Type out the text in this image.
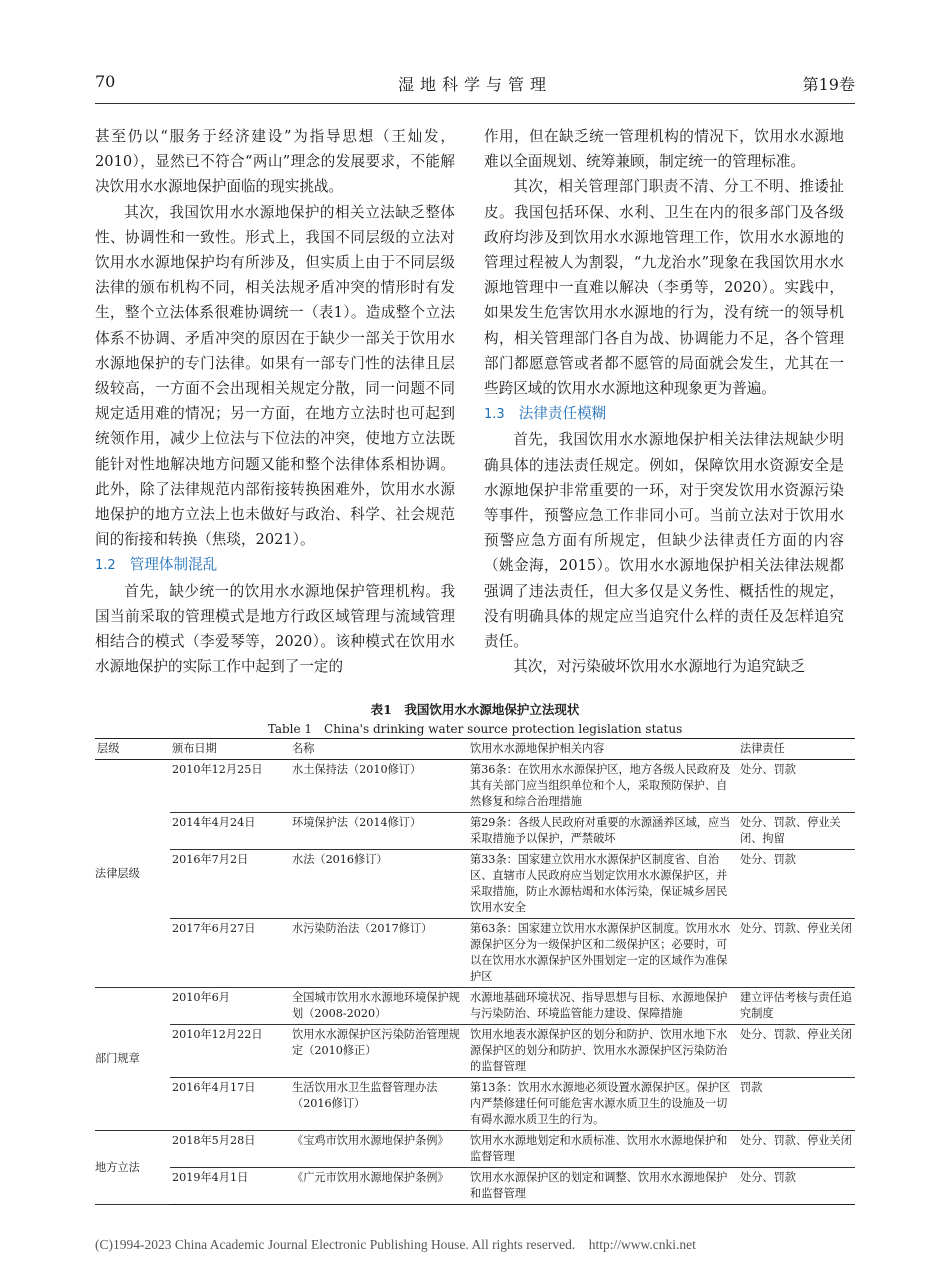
70	湿地科学与管理	第19卷

甚至仍以“服务于经济建设”为指导思想（王灿发，2010），显然已不符合“两山”理念的发展要求，不能解决饮用水水源地保护面临的现实挑战。

其次，我国饮用水水源地保护的相关立法缺乏整体性、协调性和一致性。形式上，我国不同层级的立法对饮用水水源地保护均有所涉及，但实质上由于不同层级法律的颁布机构不同，相关法规矛盾冲突的情形时有发生，整个立法体系很难协调统一（表1）。造成整个立法体系不协调、矛盾冲突的原因在于缺少一部关于饮用水水源地保护的专门法律。如果有一部专门性的法律且层级较高，一方面不会出现相关规定分散，同一问题不同规定适用难的情况；另一方面，在地方立法时也可起到统领作用，减少上位法与下位法的冲突，使地方立法既能针对性地解决地方问题又能和整个法律体系相协调。此外，除了法律规范内部衔接转换困难外，饮用水水源地保护的地方立法上也未做好与政治、科学、社会规范间的衔接和转换（焦琰，2021）。

1.2 管理体制混乱

首先，缺少统一的饮用水水源地保护管理机构。我国当前采取的管理模式是地方行政区域管理与流域管理相结合的模式（李爱琴等，2020）。该种模式在饮用水水源地保护的实际工作中起到了一定的

作用，但在缺乏统一管理机构的情况下，饮用水水源地难以全面规划、统筹兼顾，制定统一的管理标准。

其次，相关管理部门职责不清、分工不明、推诿扯皮。我国包括环保、水利、卫生在内的很多部门及各级政府均涉及到饮用水水源地管理工作，饮用水水源地的管理过程被人为割裂，“九龙治水”现象在我国饮用水水源地管理中一直难以解决（李勇等，2020）。实践中，如果发生危害饮用水水源地的行为，没有统一的领导机构，相关管理部门各自为战、协调能力不足，各个管理部门都愿意管或者都不愿管的局面就会发生，尤其在一些跨区域的饮用水水源地这种现象更为普遍。

1.3 法律责任模糊

首先，我国饮用水水源地保护相关法律法规缺少明确具体的违法责任规定。例如，保障饮用水资源安全是水源地保护非常重要的一环，对于突发饮用水资源污染等事件，预警应急工作非同小可。当前立法对于饮用水预警应急方面有所规定，但缺少法律责任方面的内容（姚金海，2015）。饮用水水源地保护相关法律法规都强调了违法责任，但大多仅是义务性、概括性的规定，没有明确具体的规定应当追究什么样的责任及怎样追究责任。

其次，对污染破坏饮用水水源地行为追究缺乏

表1　我国饮用水水源地保护立法现状
Table 1　China's drinking water source protection legislation status
层级	颁布日期	名称	饮用水水源地保护相关内容	法律责任
法律层级	2010年12月25日	水土保持法（2010修订）	第36条：在饮用水水源保护区，地方各级人民政府及其有关部门应当组织单位和个人，采取预防保护、自然修复和综合治理措施	处分、罚款
	2014年4月24日	环境保护法（2014修订）	第29条：各级人民政府对重要的水源涵养区域，应当采取措施予以保护，严禁破坏	处分、罚款、停业关闭、拘留
	2016年7月2日	水法（2016修订）	第33条：国家建立饮用水水源保护区制度省、自治区、直辖市人民政府应当划定饮用水水源保护区，并采取措施，防止水源枯竭和水体污染，保证城乡居民饮用水安全	处分、罚款
	2017年6月27日	水污染防治法（2017修订）	第63条：国家建立饮用水水源保护区制度。饮用水水源保护区分为一级保护区和二级保护区；必要时，可以在饮用水水源保护区外围划定一定的区域作为准保护区	处分、罚款、停业关闭
部门规章	2010年6月	全国城市饮用水水源地环境保护规划（2008-2020）	水源地基础环境状况、指导思想与目标、水源地保护与污染防治、环境监管能力建设、保障措施	建立评估考核与责任追究制度
	2010年12月22日	饮用水水源保护区污染防治管理规定（2010修正）	饮用水地表水源保护区的划分和防护、饮用水地下水源保护区的划分和防护、饮用水水源保护区污染防治的监督管理	处分、罚款、停业关闭
	2016年4月17日	生活饮用水卫生监督管理办法（2016修订）	第13条：饮用水水源地必须设置水源保护区。保护区内严禁修建任何可能危害水源水质卫生的设施及一切有碍水源水质卫生的行为。	罚款
地方立法	2018年5月28日	《宝鸡市饮用水源地保护条例》	饮用水水源地划定和水质标准、饮用水水源地保护和监督管理	处分、罚款、停业关闭
	2019年4月1日	《广元市饮用水源地保护条例》	饮用水水源保护区的划定和调整、饮用水水源地保护和监督管理	处分、罚款
(C)1994-2023 China Academic Journal Electronic Publishing House. All rights reserved.　http://www.cnki.net
